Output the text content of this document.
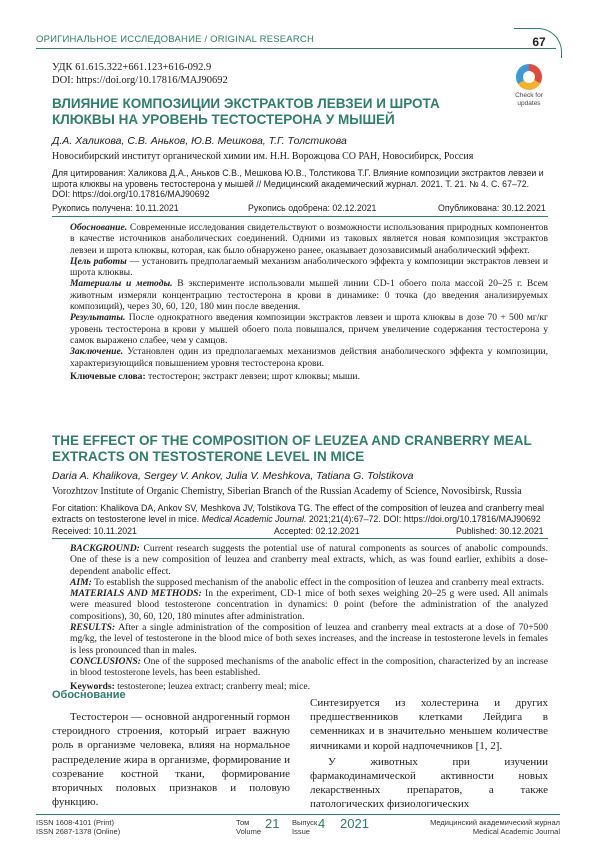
ОРИГИНАЛЬНОЕ ИССЛЕДОВАНИЕ / ORIGINAL RESEARCH	67
УДК 61.615.322+661.123+616-092.9
DOI: https://doi.org/10.17816/MAJ90692
Check for updates
ВЛИЯНИЕ КОМПОЗИЦИИ ЭКСТРАКТОВ ЛЕВЗЕИ И ШРОТА КЛЮКВЫ НА УРОВЕНЬ ТЕСТОСТЕРОНА У МЫШЕЙ
Д.А. Халикова, С.В. Аньков, Ю.В. Мешкова, Т.Г. Толстикова
Новосибирский институт органической химии им. Н.Н. Ворожцова СО РАН, Новосибирск, Россия
Для цитирования: Халикова Д.А., Аньков С.В., Мешкова Ю.В., Толстикова Т.Г. Влияние композиции экстрактов левзеи и шрота клюквы на уровень тестостерона у мышей // Медицинский академический журнал. 2021. Т. 21. № 4. С. 67–72. DOI: https://doi.org/10.17816/MAJ90692
Рукопись получена: 10.11.2021	Рукопись одобрена: 02.12.2021	Опубликована: 30.12.2021

Обоснование. Современные исследования свидетельствуют о возможности использования природных компонентов в качестве источников анаболических соединений. Одними из таковых является новая композиция экстрактов левзеи и шрота клюквы, которая, как было обнаружено ранее, оказывает дозозависимый анаболический эффект.

Цель работы — установить предполагаемый механизм анаболического эффекта у композиции экстрактов левзеи и шрота клюквы.

Материалы и методы. В эксперименте использовали мышей линии CD-1 обоего пола массой 20–25 г. Всем животным измеряли концентрацию тестостерона в крови в динамике: 0 точка (до введения анализируемых композиций), через 30, 60, 120, 180 мин после введения.

Результаты. После однократного введения композиции экстрактов левзеи и шрота клюквы в дозе 70 + 500 мг/кг уровень тестостерона в крови у мышей обоего пола повышался, причем увеличение содержания тестостерона у самок выражено слабее, чем у самцов.

Заключение. Установлен один из предполагаемых механизмов действия анаболического эффекта у композиции, характеризующийся повышением уровня тестостерона крови.

Ключевые слова: тестостерон; экстракт левзеи; шрот клюквы; мыши.

THE EFFECT OF THE COMPOSITION OF LEUZEA AND CRANBERRY MEAL EXTRACTS ON TESTOSTERONE LEVEL IN MICE
Daria A. Khalikova, Sergey V. Ankov, Julia V. Meshkova, Tatiana G. Tolstikova
Vorozhtzov Institute of Organic Chemistry, Siberian Branch of the Russian Academy of Science, Novosibirsk, Russia
For citation: Khalikova DA, Ankov SV, Meshkova JV, Tolstikova TG. The effect of the composition of leuzea and cranberry meal extracts on testosterone level in mice. Medical Academic Journal. 2021;21(4):67–72. DOI: https://doi.org/10.17816/MAJ90692
Received: 10.11.2021	Accepted: 02.12.2021	Published: 30.12.2021

BACKGROUND: Current research suggests the potential use of natural components as sources of anabolic compounds. One of these is a new composition of leuzea and cranberry meal extracts, which, as was found earlier, exhibits a dose-dependent anabolic effect.

AIM: To establish the supposed mechanism of the anabolic effect in the composition of leuzea and cranberry meal extracts.

MATERIALS AND METHODS: In the experiment, CD-1 mice of both sexes weighing 20–25 g were used. All animals were measured blood testosterone concentration in dynamics: 0 point (before the administration of the analyzed compositions), 30, 60, 120, 180 minutes after administration.

RESULTS: After a single administration of the composition of leuzea and cranberry meal extracts at a dose of 70+500 mg/kg, the level of testosterone in the blood mice of both sexes increases, and the increase in testosterone levels in females is less pronounced than in males.

CONCLUSIONS: One of the supposed mechanisms of the anabolic effect in the composition, characterized by an increase in blood testosterone levels, has been established.

Keywords: testosterone; leuzea extract; cranberry meal; mice.

Обоснование
Тестостерон — основной андрогенный гормон стероидного строения, который играет важную роль в организме человека, влияя на нормальное распределение жира в организме, формирование и созревание костной ткани, формирование вторичных половых признаков и половую функцию.

Синтезируется из холестерина и других предшественников клетками Лейдига в семенниках и в значительно меньшем количестве яичниками и корой надпочечников [1, 2].

У животных при изучении фармакодинамической активности новых лекарственных препаратов, а также патологических физиологических

ISSN 1608-4101 (Print)
ISSN 2687-1378 (Online)
Том
Volume
21 Выпуск
Issue
4 2021	Медицинский академический журнал
Medical Academic Journal
